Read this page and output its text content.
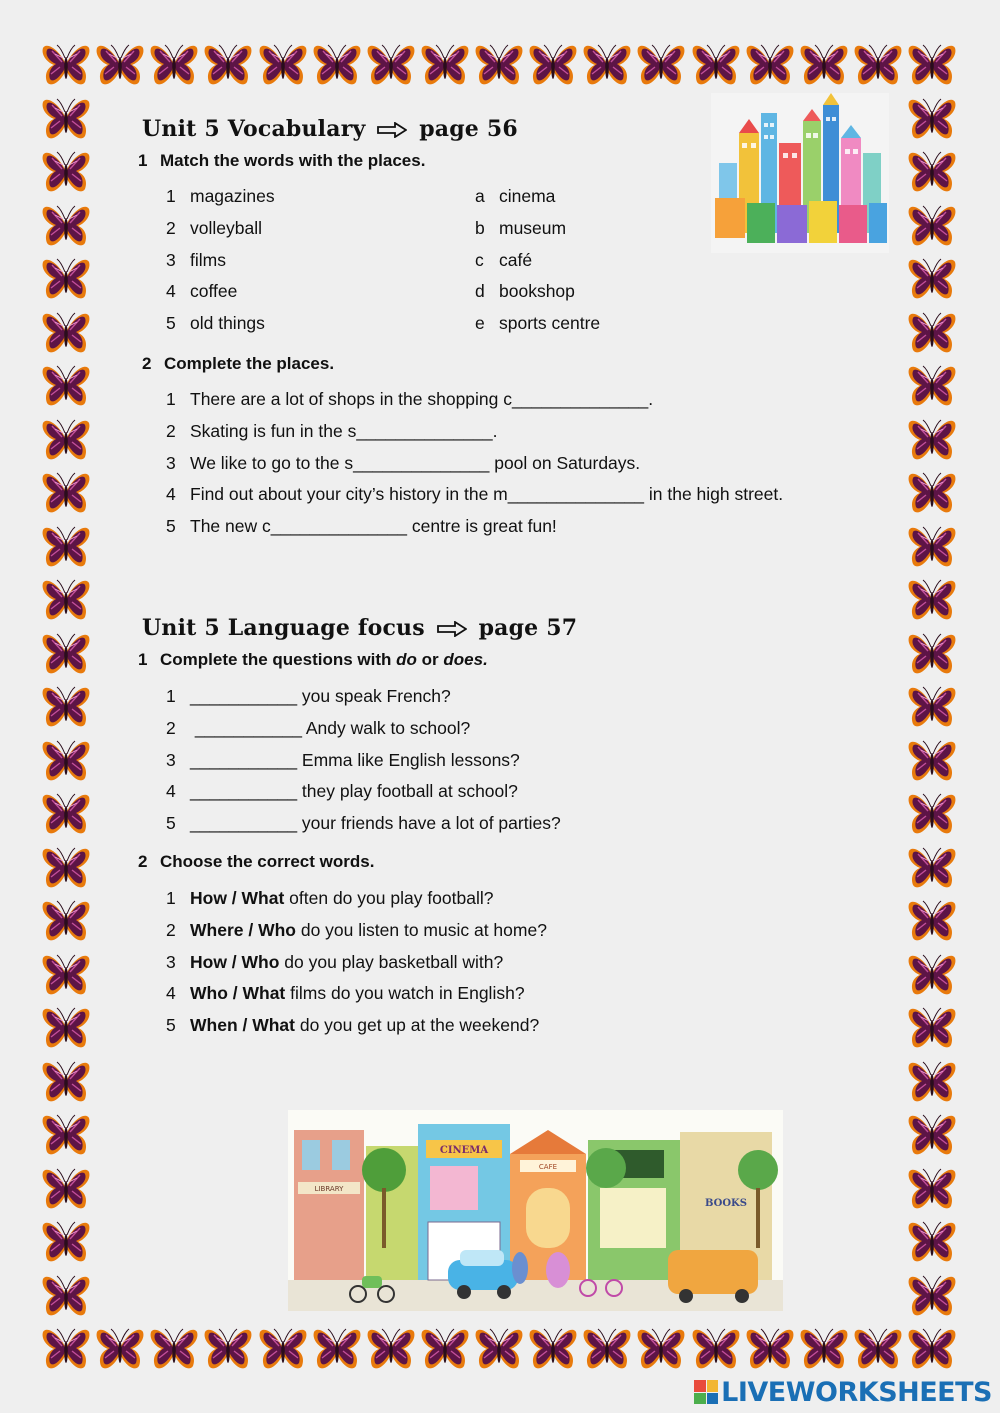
Unit 5 Vocabulary page 56
1 Match the words with the places.
1 magazines
2 volleyball
3 films
4 coffee
5 old things
a cinema
b museum
c café
d bookshop
e sports centre
2 Complete the places.
1 There are a lot of shops in the shopping c______________.
2 Skating is fun in the s______________.
3 We like to go to the s______________ pool on Saturdays.
4 Find out about your city’s history in the m______________ in the high street.
5 The new c______________ centre is great fun!
Unit 5 Language focus page 57
1 Complete the questions with do or does.
1 ___________ you speak French?
2 ___________ Andy walk to school?
3 ___________ Emma like English lessons?
4 ___________ they play football at school?
5 ___________ your friends have a lot of parties?
2 Choose the correct words.
1 How / What often do you play football?
2 Where / Who do you listen to music at home?
3 How / Who do you play basketball with?
4 Who / What films do you watch in English?
5 When / What do you get up at the weekend?
LIBRARY
CINEMA
CAFE
BOOKS
LIVEWORKSHEETS
